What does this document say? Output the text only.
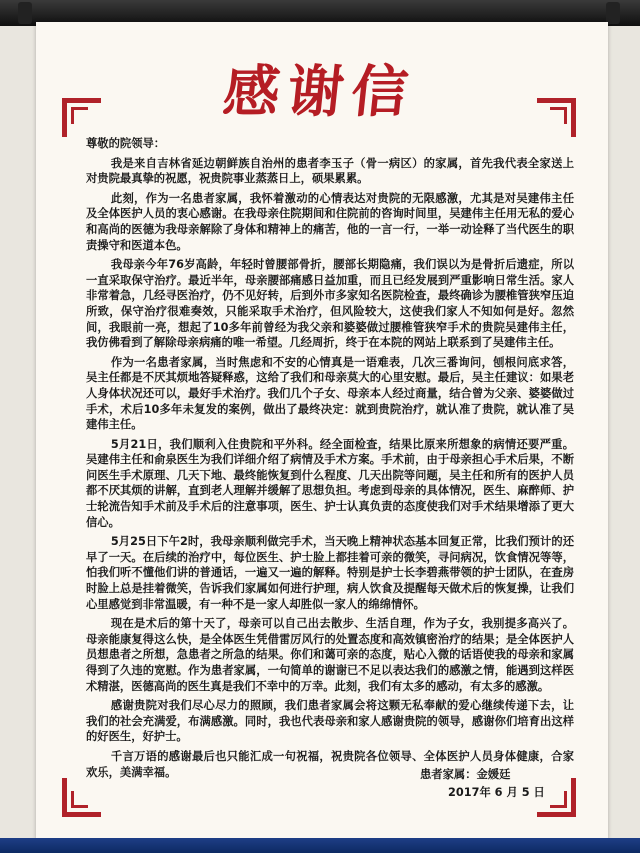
感谢信

尊敬的院领导：

我是来自吉林省延边朝鲜族自治州的患者李玉子（骨一病区）的家属，首先我代表全家送上对贵院最真挚的祝愿，祝贵院事业蒸蒸日上，硕果累累。

此刻，作为一名患者家属，我怀着激动的心情表达对贵院的无限感激，尤其是对吴建伟主任及全体医护人员的衷心感谢。在我母亲住院期间和住院前的咨询时间里，吴建伟主任用无私的爱心和高尚的医德为我母亲解除了身体和精神上的痛苦，他的一言一行，一举一动诠释了当代医生的职责操守和医道本色。

我母亲今年76岁高龄，年轻时曾腰部骨折，腰部长期隐痛，我们误以为是骨折后遗症，所以一直采取保守治疗。最近半年，母亲腰部痛感日益加重，而且已经发展到严重影响日常生活。家人非常着急，几经寻医治疗，仍不见好转，后到外市多家知名医院检查，最终确诊为腰椎管狭窄压迫所致，保守治疗很难奏效，只能采取手术治疗，但风险较大，这使我们家人不知如何是好。忽然间，我眼前一亮，想起了10多年前曾经为我父亲和婆婆做过腰椎管狭窄手术的贵院吴建伟主任，我仿佛看到了解除母亲病痛的唯一希望。几经周折，终于在本院的网站上联系到了吴建伟主任。

作为一名患者家属，当时焦虑和不安的心情真是一语难表，几次三番询问，刨根问底求答，吴主任都是不厌其烦地答疑释惑，这给了我们和母亲莫大的心里安慰。最后，吴主任建议：如果老人身体状况还可以，最好手术治疗。我们几个子女、母亲本人经过商量，结合曾为父亲、婆婆做过手术，术后10多年未复发的案例，做出了最终决定：就到贵院治疗，就认准了贵院，就认准了吴建伟主任。

5月21日，我们顺利入住贵院和平外科。经全面检查，结果比原来所想象的病情还要严重。吴建伟主任和俞泉医生为我们详细介绍了病情及手术方案。手术前，由于母亲担心手术后果，不断问医生手术原理、几天下地、最终能恢复到什么程度、几天出院等问题，吴主任和所有的医护人员都不厌其烦的讲解，直到老人理解并缓解了思想负担。考虑到母亲的具体情况，医生、麻醉师、护士轮流告知手术前及手术后的注意事项，医生、护士认真负责的态度使我们对手术结果增添了更大信心。

5月25日下午2时，我母亲顺利做完手术，当天晚上精神状态基本回复正常，比我们预计的还早了一天。在后续的治疗中，每位医生、护士脸上都挂着可亲的微笑，寻问病况，饮食情况等等，怕我们听不懂他们讲的普通话，一遍又一遍的解释。特别是护士长李碧燕带领的护士团队，在查房时脸上总是挂着微笑，告诉我们家属如何进行护理，病人饮食及提醒每天做术后的恢复操，让我们心里感觉到非常温暖，有一种不是一家人却胜似一家人的绵绵情怀。

现在是术后的第十天了，母亲可以自己出去散步、生活自理，作为子女，我别提多高兴了。母亲能康复得这么快，是全体医生凭借雷厉风行的处置态度和高效镇密治疗的结果；是全体医护人员想患者之所想，急患者之所急的结果。你们和蔼可亲的态度，贴心入微的话语使我的母亲和家属得到了久违的宽慰。作为患者家属，一句简单的谢谢已不足以表达我们的感激之情，能遇到这样医术精湛，医德高尚的医生真是我们不幸中的万幸。此刻，我们有太多的感动，有太多的感激。

感谢贵院对我们尽心尽力的照顾，我们患者家属会将这颗无私奉献的爱心继续传递下去，让我们的社会充满爱，布满感激。同时，我也代表母亲和家人感谢贵院的领导，感谢你们培育出这样的好医生，好护士。

千言万语的感谢最后也只能汇成一句祝福，祝贵院各位领导、全体医护人员身体健康，合家欢乐，美满幸福。	患者家属：金媛廷
2017年 6 月 5 日
